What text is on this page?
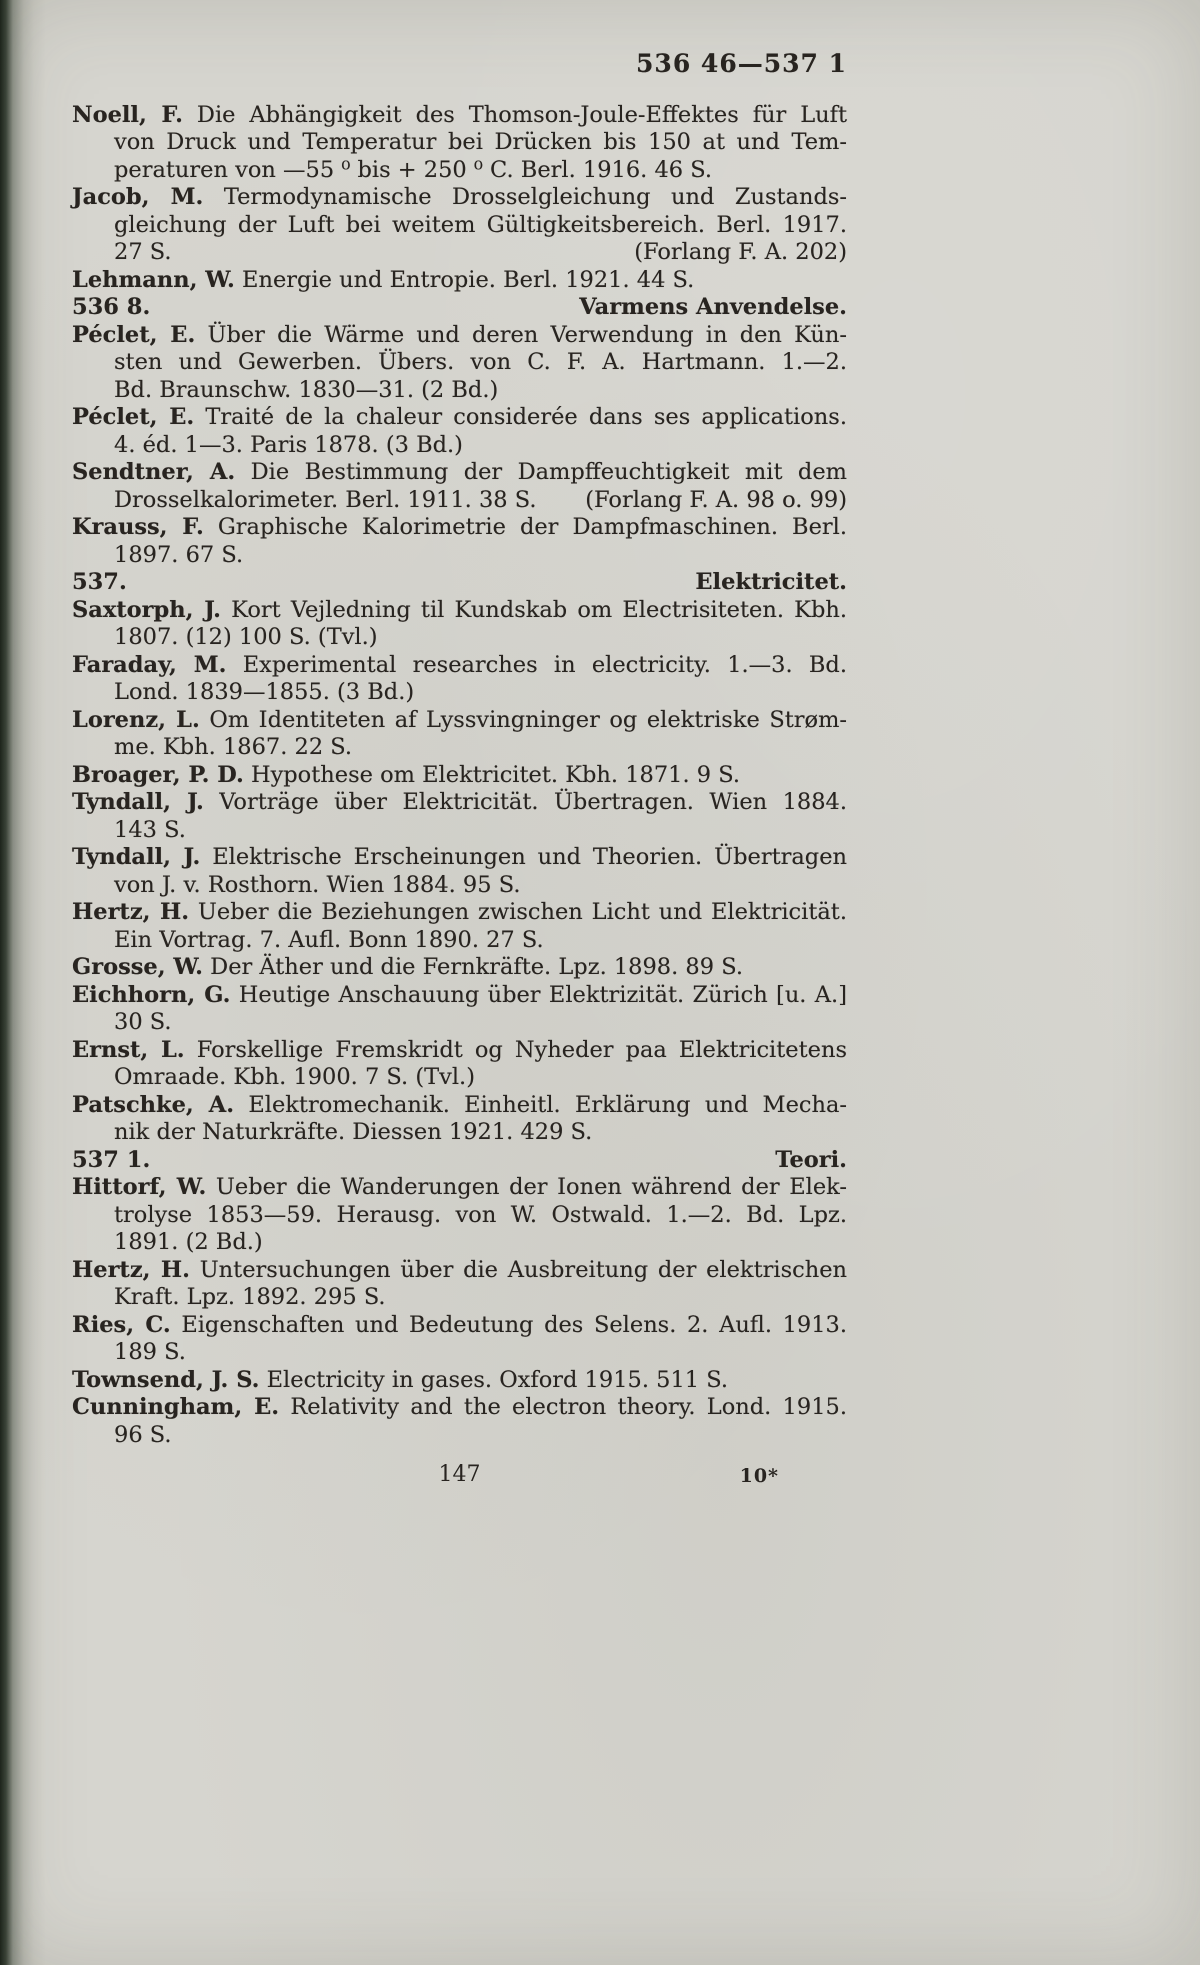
536 46—537 1
Noell, F. Die Abhängigkeit des Thomson-Joule-Effektes für Luft
von Druck und Temperatur bei Drücken bis 150 at und Tem-
peraturen von —55 ⁰ bis + 250 ⁰ C. Berl. 1916. 46 S.
Jacob, M. Termodynamische Drosselgleichung und Zustands-
gleichung der Luft bei weitem Gültigkeitsbereich. Berl. 1917.
27 S.	(Forlang F. A. 202)
Lehmann, W. Energie und Entropie. Berl. 1921. 44 S.
536 8.	Varmens Anvendelse.
Péclet, E. Über die Wärme und deren Verwendung in den Kün-
sten und Gewerben. Übers. von C. F. A. Hartmann. 1.—2.
Bd. Braunschw. 1830—31. (2 Bd.)
Péclet, E. Traité de la chaleur considerée dans ses applications.
4. éd. 1—3. Paris 1878. (3 Bd.)
Sendtner, A. Die Bestimmung der Dampffeuchtigkeit mit dem
Drosselkalorimeter. Berl. 1911. 38 S. (Forlang F. A. 98 o. 99)
Krauss, F. Graphische Kalorimetrie der Dampfmaschinen. Berl.
1897. 67 S.
537.	Elektricitet.
Saxtorph, J. Kort Vejledning til Kundskab om Electrisiteten. Kbh.
1807. (12) 100 S. (Tvl.)
Faraday, M. Experimental researches in electricity. 1.—3. Bd.
Lond. 1839—1855. (3 Bd.)
Lorenz, L. Om Identiteten af Lyssvingninger og elektriske Strøm-
me. Kbh. 1867. 22 S.
Broager, P. D. Hypothese om Elektricitet. Kbh. 1871. 9 S.
Tyndall, J. Vorträge über Elektricität. Übertragen. Wien 1884.
143 S.
Tyndall, J. Elektrische Erscheinungen und Theorien. Übertragen
von J. v. Rosthorn. Wien 1884. 95 S.
Hertz, H. Ueber die Beziehungen zwischen Licht und Elektricität.
Ein Vortrag. 7. Aufl. Bonn 1890. 27 S.
Grosse, W. Der Äther und die Fernkräfte. Lpz. 1898. 89 S.
Eichhorn, G. Heutige Anschauung über Elektrizität. Zürich [u. A.]
30 S.
Ernst, L. Forskellige Fremskridt og Nyheder paa Elektricitetens
Omraade. Kbh. 1900. 7 S. (Tvl.)
Patschke, A. Elektromechanik. Einheitl. Erklärung und Mecha-
nik der Naturkräfte. Diessen 1921. 429 S.
537 1.	Teori.
Hittorf, W. Ueber die Wanderungen der Ionen während der Elek-
trolyse 1853—59. Herausg. von W. Ostwald. 1.—2. Bd. Lpz.
1891. (2 Bd.)
Hertz, H. Untersuchungen über die Ausbreitung der elektrischen
Kraft. Lpz. 1892. 295 S.
Ries, C. Eigenschaften und Bedeutung des Selens. 2. Aufl. 1913.
189 S.
Townsend, J. S. Electricity in gases. Oxford 1915. 511 S.
Cunningham, E. Relativity and the electron theory. Lond. 1915.
96 S.
147	10*
